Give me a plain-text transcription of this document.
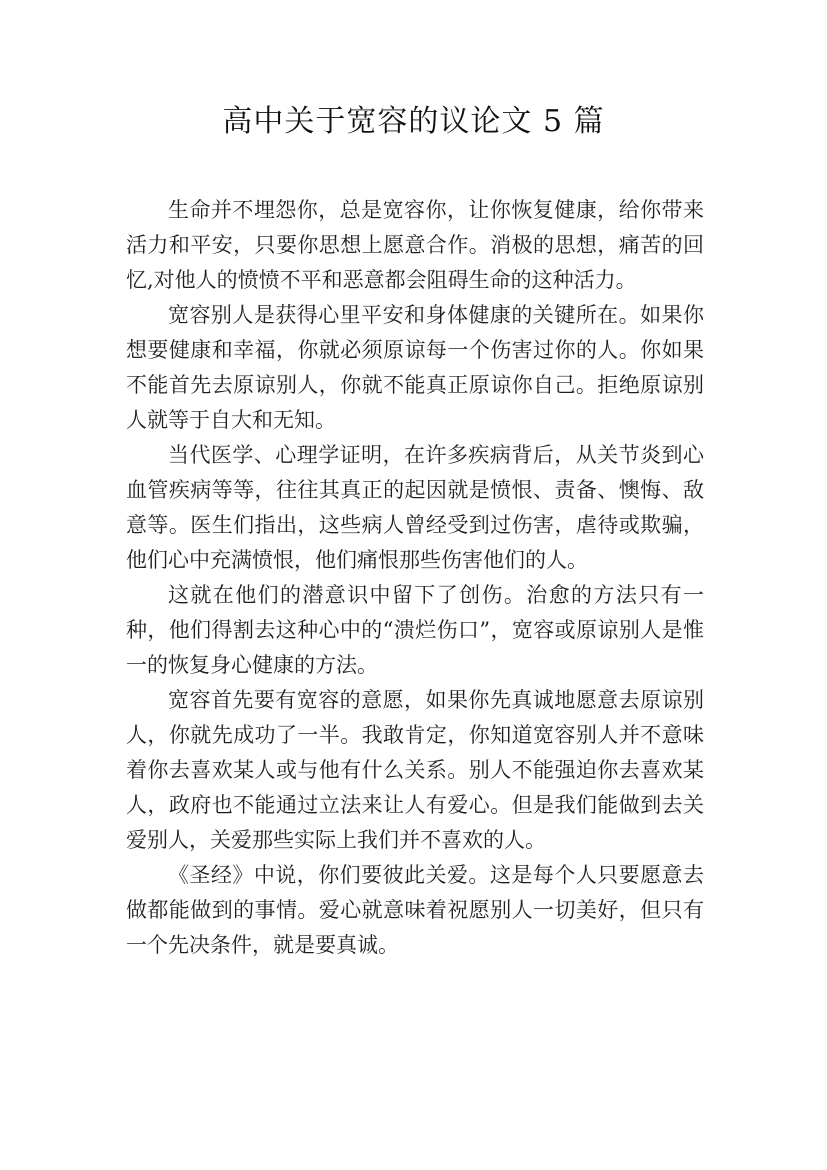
高中关于宽容的议论文 5 篇

生命并不埋怨你，总是宽容你，让你恢复健康，给你带来活力和平安，只要你思想上愿意合作。消极的思想，痛苦的回忆,对他人的愤愤不平和恶意都会阻碍生命的这种活力。

宽容别人是获得心里平安和身体健康的关键所在。如果你想要健康和幸福，你就必须原谅每一个伤害过你的人。你如果不能首先去原谅别人，你就不能真正原谅你自己。拒绝原谅别人就等于自大和无知。

当代医学、心理学证明，在许多疾病背后，从关节炎到心血管疾病等等，往往其真正的起因就是愤恨、责备、懊悔、敌意等。医生们指出，这些病人曾经受到过伤害，虐待或欺骗，他们心中充满愤恨，他们痛恨那些伤害他们的人。

这就在他们的潜意识中留下了创伤。治愈的方法只有一种，他们得割去这种心中的“溃烂伤口”，宽容或原谅别人是惟一的恢复身心健康的方法。

宽容首先要有宽容的意愿，如果你先真诚地愿意去原谅别人，你就先成功了一半。我敢肯定，你知道宽容别人并不意味着你去喜欢某人或与他有什么关系。别人不能强迫你去喜欢某人，政府也不能通过立法来让人有爱心。但是我们能做到去关爱别人，关爱那些实际上我们并不喜欢的人。

《圣经》中说，你们要彼此关爱。这是每个人只要愿意去做都能做到的事情。爱心就意味着祝愿别人一切美好，但只有一个先决条件，就是要真诚。
